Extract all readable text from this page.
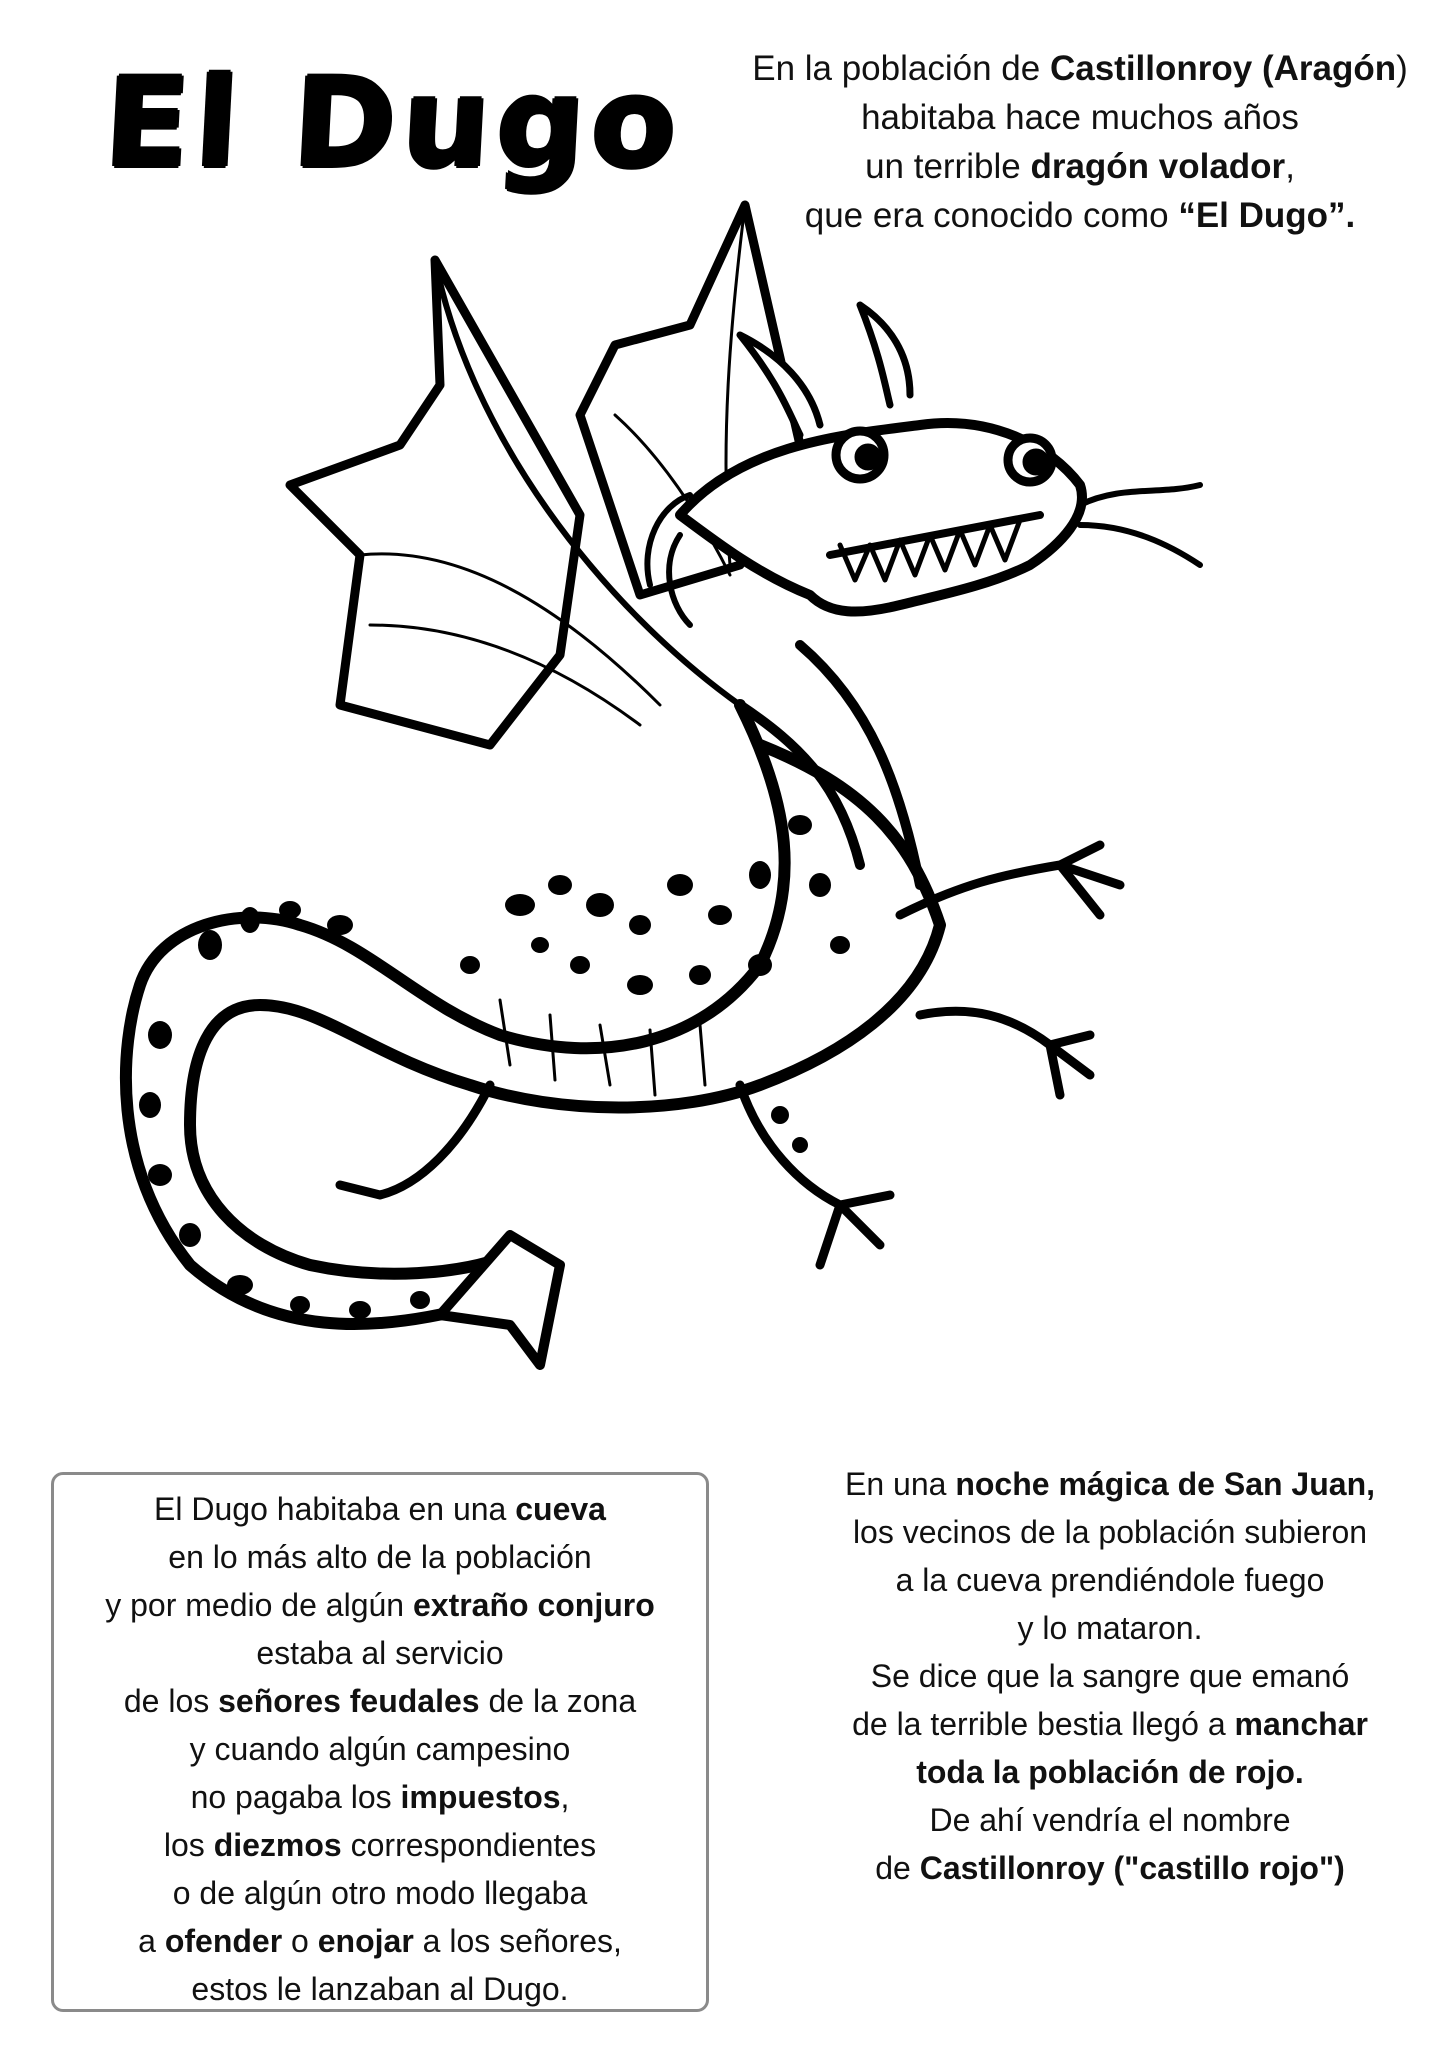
El Dugo	En la población de Castillonroy (Aragón)
habitaba hace muchos años
un terrible dragón volador,
que era conocido como “El Dugo”.
El Dugo habitaba en una cueva
en lo más alto de la población
y por medio de algún extraño conjuro
estaba al servicio
de los señores feudales de la zona
y cuando algún campesino
no pagaba los impuestos,
los diezmos correspondientes
o de algún otro modo llegaba
a ofender o enojar a los señores,
estos le lanzaban al Dugo.
En una noche mágica de San Juan,
los vecinos de la población subieron
a la cueva prendiéndole fuego
y lo mataron.
Se dice que la sangre que emanó
de la terrible bestia llegó a manchar
toda la población de rojo.
De ahí vendría el nombre
de Castillonroy ("castillo rojo")
